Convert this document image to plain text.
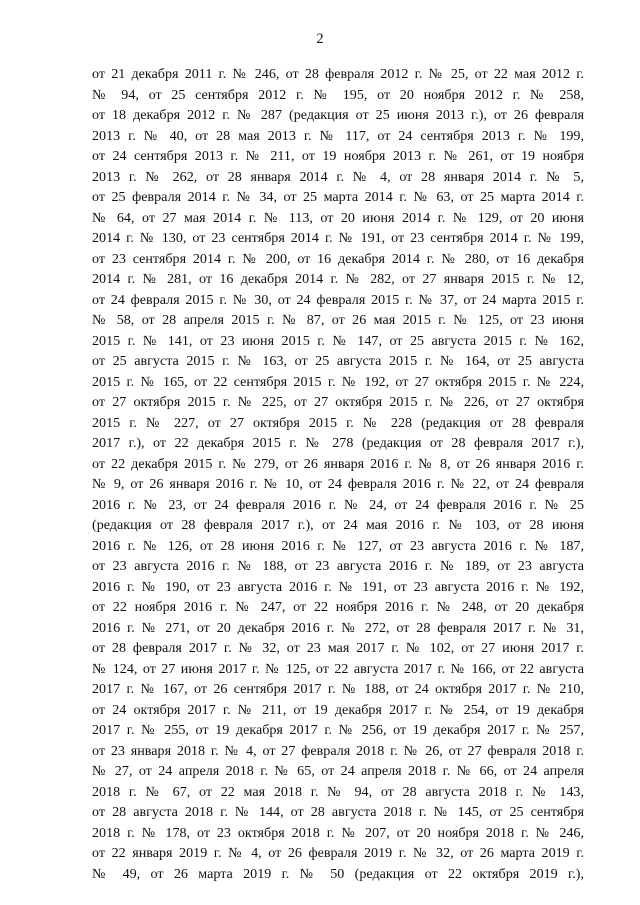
2
от 21 декабря 2011 г. № 246, от 28 февраля 2012 г. № 25, от 22 мая 2012 г.
№ 94, от 25 сентября 2012 г. № 195, от 20 ноября 2012 г. № 258,
от 18 декабря 2012 г. № 287 (редакция от 25 июня 2013 г.), от 26 февраля
2013 г. № 40, от 28 мая 2013 г. № 117, от 24 сентября 2013 г. № 199,
от 24 сентября 2013 г. № 211, от 19 ноября 2013 г. № 261, от 19 ноября
2013 г. № 262, от 28 января 2014 г. № 4, от 28 января 2014 г. № 5,
от 25 февраля 2014 г. № 34, от 25 марта 2014 г. № 63, от 25 марта 2014 г.
№ 64, от 27 мая 2014 г. № 113, от 20 июня 2014 г. № 129, от 20 июня
2014 г. № 130, от 23 сентября 2014 г. № 191, от 23 сентября 2014 г. № 199,
от 23 сентября 2014 г. № 200, от 16 декабря 2014 г. № 280, от 16 декабря
2014 г. № 281, от 16 декабря 2014 г. № 282, от 27 января 2015 г. № 12,
от 24 февраля 2015 г. № 30, от 24 февраля 2015 г. № 37, от 24 марта 2015 г.
№ 58, от 28 апреля 2015 г. № 87, от 26 мая 2015 г. № 125, от 23 июня
2015 г. № 141, от 23 июня 2015 г. № 147, от 25 августа 2015 г. № 162,
от 25 августа 2015 г. № 163, от 25 августа 2015 г. № 164, от 25 августа
2015 г. № 165, от 22 сентября 2015 г. № 192, от 27 октября 2015 г. № 224,
от 27 октября 2015 г. № 225, от 27 октября 2015 г. № 226, от 27 октября
2015 г. № 227, от 27 октября 2015 г. № 228 (редакция от 28 февраля
2017 г.), от 22 декабря 2015 г. № 278 (редакция от 28 февраля 2017 г.),
от 22 декабря 2015 г. № 279, от 26 января 2016 г. № 8, от 26 января 2016 г.
№ 9, от 26 января 2016 г. № 10, от 24 февраля 2016 г. № 22, от 24 февраля
2016 г. № 23, от 24 февраля 2016 г. № 24, от 24 февраля 2016 г. № 25
(редакция от 28 февраля 2017 г.), от 24 мая 2016 г. № 103, от 28 июня
2016 г. № 126, от 28 июня 2016 г. № 127, от 23 августа 2016 г. № 187,
от 23 августа 2016 г. № 188, от 23 августа 2016 г. № 189, от 23 августа
2016 г. № 190, от 23 августа 2016 г. № 191, от 23 августа 2016 г. № 192,
от 22 ноября 2016 г. № 247, от 22 ноября 2016 г. № 248, от 20 декабря
2016 г. № 271, от 20 декабря 2016 г. № 272, от 28 февраля 2017 г. № 31,
от 28 февраля 2017 г. № 32, от 23 мая 2017 г. № 102, от 27 июня 2017 г.
№ 124, от 27 июня 2017 г. № 125, от 22 августа 2017 г. № 166, от 22 августа
2017 г. № 167, от 26 сентября 2017 г. № 188, от 24 октября 2017 г. № 210,
от 24 октября 2017 г. № 211, от 19 декабря 2017 г. № 254, от 19 декабря
2017 г. № 255, от 19 декабря 2017 г. № 256, от 19 декабря 2017 г. № 257,
от 23 января 2018 г. № 4, от 27 февраля 2018 г. № 26, от 27 февраля 2018 г.
№ 27, от 24 апреля 2018 г. № 65, от 24 апреля 2018 г. № 66, от 24 апреля
2018 г. № 67, от 22 мая 2018 г. № 94, от 28 августа 2018 г. № 143,
от 28 августа 2018 г. № 144, от 28 августа 2018 г. № 145, от 25 сентября
2018 г. № 178, от 23 октября 2018 г. № 207, от 20 ноября 2018 г. № 246,
от 22 января 2019 г. № 4, от 26 февраля 2019 г. № 32, от 26 марта 2019 г.
№ 49, от 26 марта 2019 г. № 50 (редакция от 22 октября 2019 г.),
